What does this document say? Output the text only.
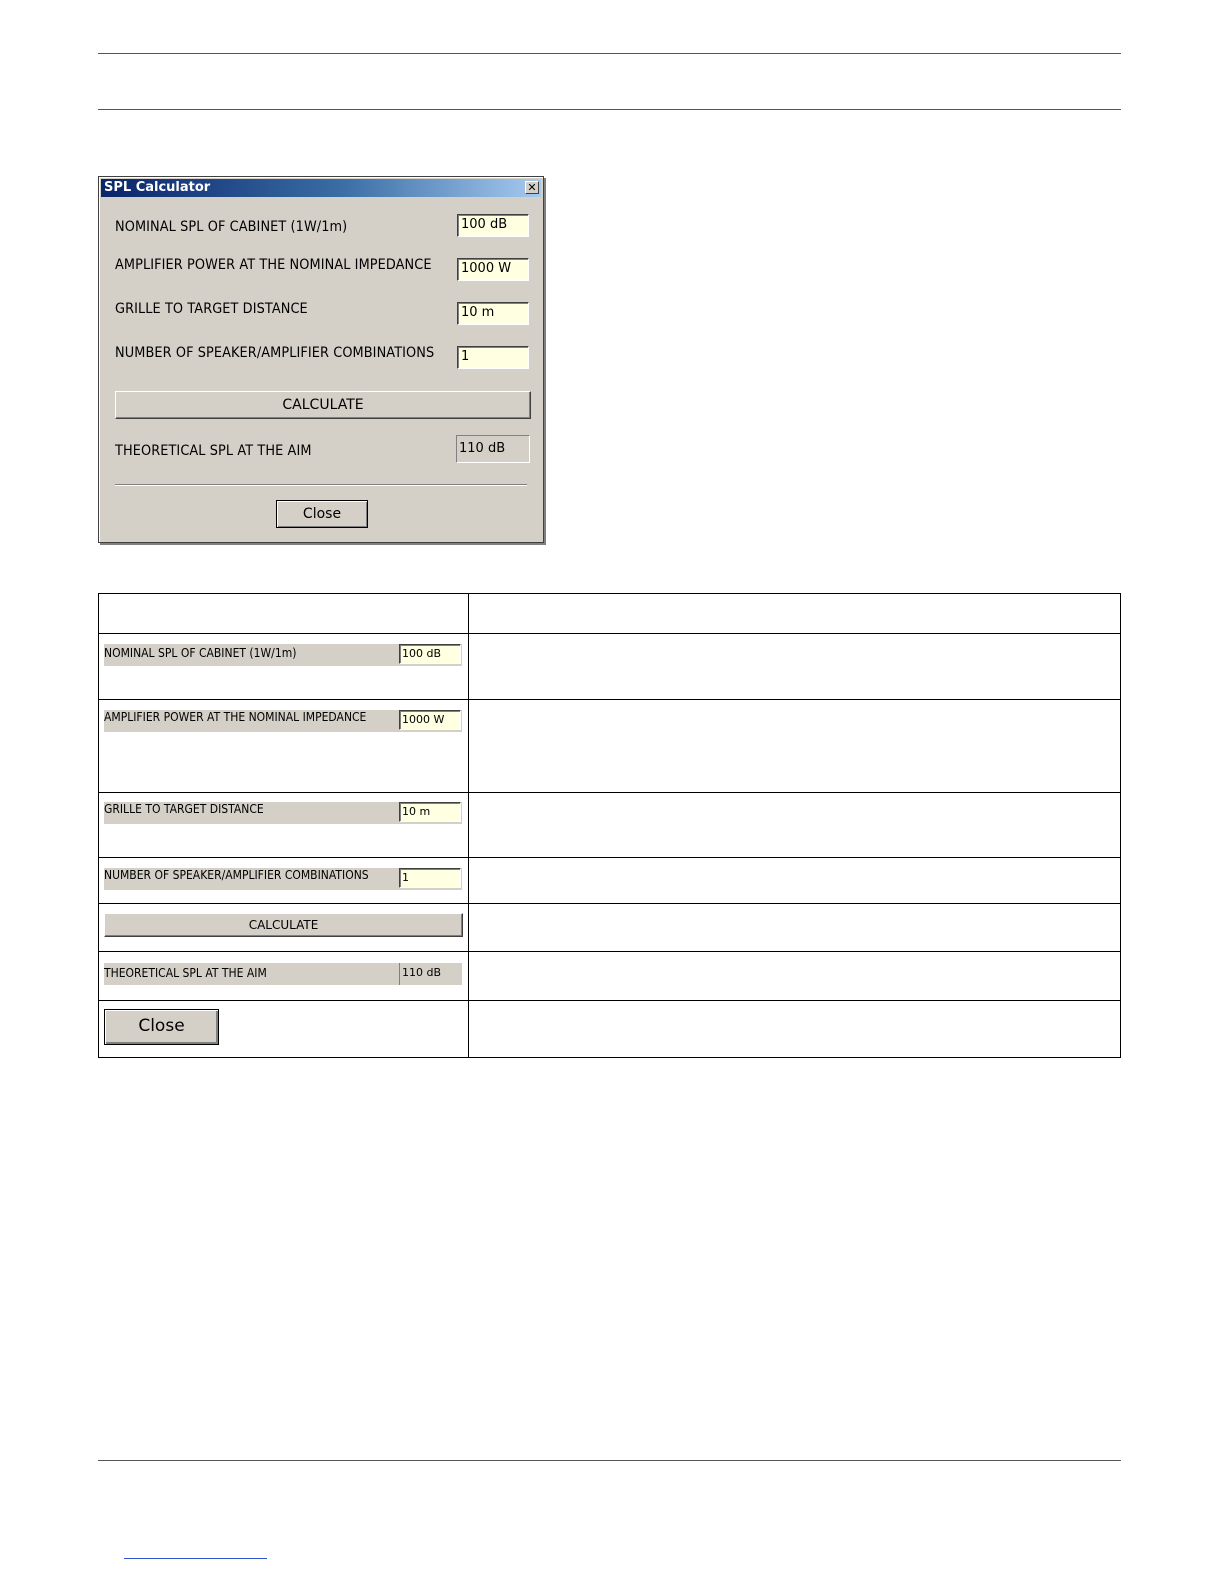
SPL Calculator	✕
NOMINAL SPL OF CABINET (1W/1m)	100 dB
AMPLIFIER POWER AT THE NOMINAL IMPEDANCE	1000 W
GRILLE TO TARGET DISTANCE	10 m
NUMBER OF SPEAKER/AMPLIFIER COMBINATIONS	1
CALCULATE
THEORETICAL SPL AT THE AIM	110 dB
Close

NOMINAL SPL OF CABINET (1W/1m) 100 dB	

AMPLIFIER POWER AT THE NOMINAL IMPEDANCE 1000 W	

GRILLE TO TARGET DISTANCE 10 m	

NUMBER OF SPEAKER/AMPLIFIER COMBINATIONS 1	

CALCULATE	

THEORETICAL SPL AT THE AIM 110 dB	

Close	
